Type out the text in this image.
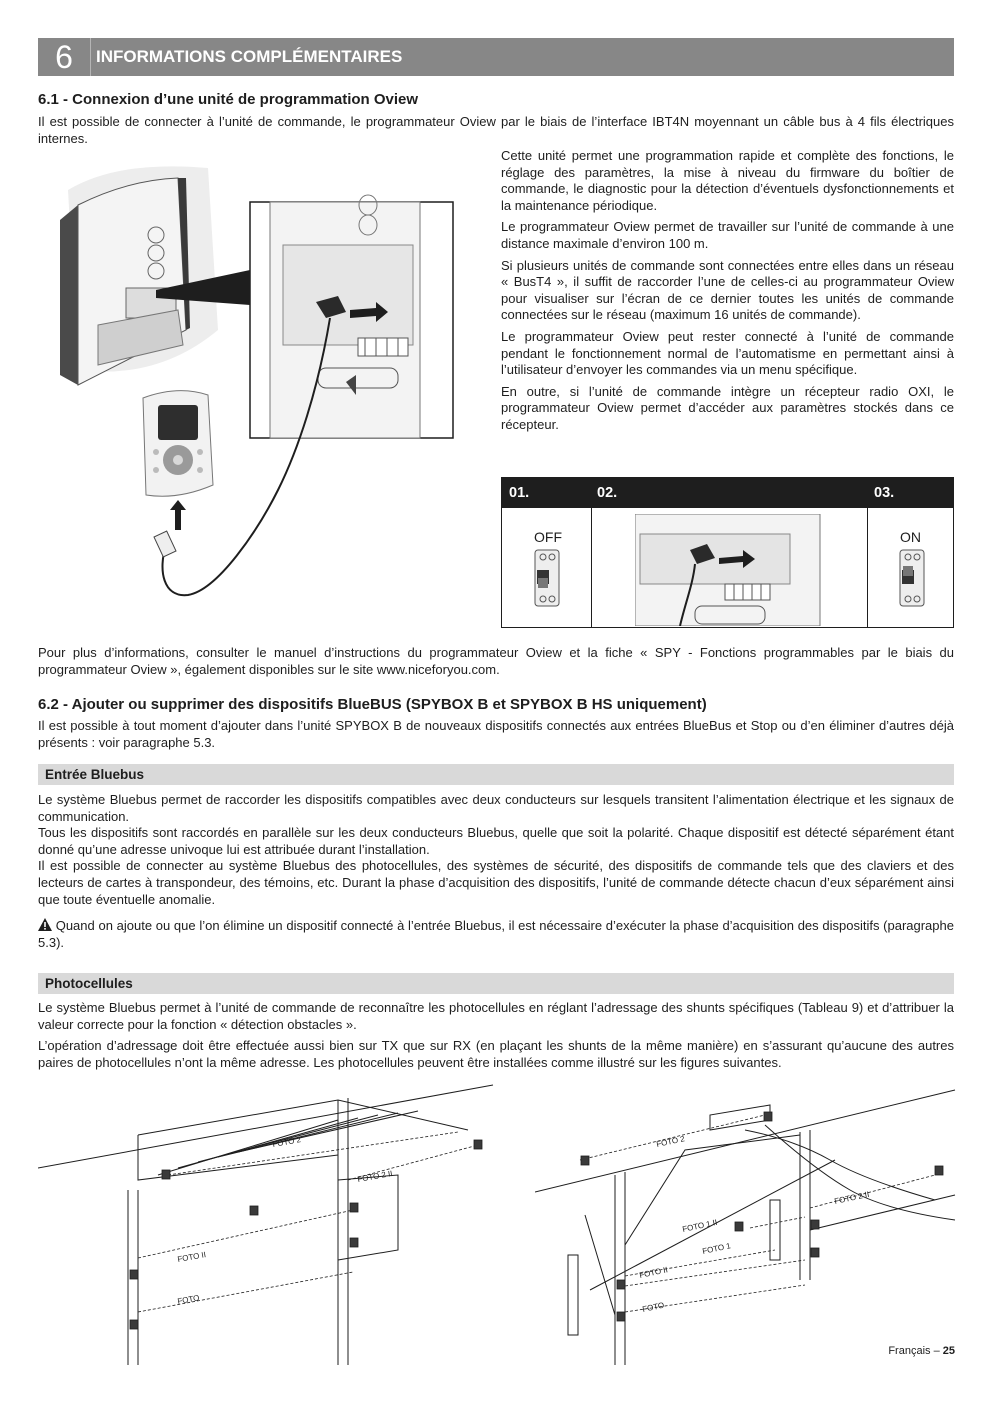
6	INFORMATIONS COMPLÉMENTAIRES
6.1 - Connexion d’une unité de programmation Oview

Il est possible de connecter à l’unité de commande, le programmateur Oview par le biais de l’interface IBT4N moyennant un câble bus à 4 fils électriques internes.

Cette unité permet une programmation rapide et complète des fonctions, le réglage des paramètres, la mise à niveau du firmware du boîtier de commande, le diagnostic pour la détection d’éventuels dysfonctionnements et la maintenance périodique.

Le programmateur Oview permet de travailler sur l’unité de commande à une distance maximale d’environ 100 m.

Si plusieurs unités de commande sont connectées entre elles dans un réseau « BusT4 », il suffit de raccorder l’une de celles-ci au programmateur Oview pour visualiser sur l’écran de ce dernier toutes les unités de commande connectées sur le réseau (maximum 16 unités de commande).

Le programmateur Oview peut rester connecté à l’unité de commande pendant le fonctionnement normal de l’automatisme en permettant ainsi à l’utilisateur d’envoyer les commandes via un menu spécifique.

En outre, si l’unité de commande intègre un récepteur radio OXI, le programmateur Oview permet d’accéder aux paramètres stockés dans ce récepteur.

01.	02.	03.
OFF	ON

Pour plus d’informations, consulter le manuel d’instructions du programmateur Oview et la fiche « SPY - Fonctions programmables par le biais du programmateur Oview », également disponibles sur le site www.niceforyou.com.

6.2 - Ajouter ou supprimer des dispositifs BlueBUS (SPYBOX B et SPYBOX B HS uniquement)

Il est possible à tout moment d’ajouter dans l’unité SPYBOX B de nouveaux dispositifs connectés aux entrées BlueBus et Stop ou d’en éliminer d’autres déjà présents : voir paragraphe 5.3.

Entrée Bluebus

Le système Bluebus permet de raccorder les dispositifs compatibles avec deux conducteurs sur lesquels transitent l’alimentation électrique et les signaux de communication.

Tous les dispositifs sont raccordés en parallèle sur les deux conducteurs Bluebus, quelle que soit la polarité. Chaque dispositif est détecté séparément étant donné qu’une adresse univoque lui est attribuée durant l’installation.

Il est possible de connecter au système Bluebus des photocellules, des systèmes de sécurité, des dispositifs de commande tels que des claviers et des lecteurs de cartes à transpondeur, des témoins, etc. Durant la phase d’acquisition des dispositifs, l’unité de commande détecte chacun d’eux séparément ainsi que toute éventuelle anomalie.

Quand on ajoute ou que l’on élimine un dispositif connecté à l’entrée Bluebus, il est nécessaire d’exécuter la phase d’acquisition des dispositifs (paragraphe 5.3).

Photocellules

Le système Bluebus permet à l’unité de commande de reconnaître les photocellules en réglant l’adressage des shunts spécifiques (Tableau 9) et d’attribuer la valeur correcte pour la fonction « détection obstacles ».

L’opération d’adressage doit être effectuée aussi bien sur TX que sur RX (en plaçant les shunts de la même manière) en s’assurant qu’aucune des autres paires de photocellules n’ont la même adresse. Les photocellules peuvent être installées comme illustré sur les figures suivantes.

FOTO 2
FOTO 2 II
FOTO II
FOTO
FOTO 2
FOTO 2 II
FOTO 1 II
FOTO 1
FOTO II
FOTO
Français – 25
